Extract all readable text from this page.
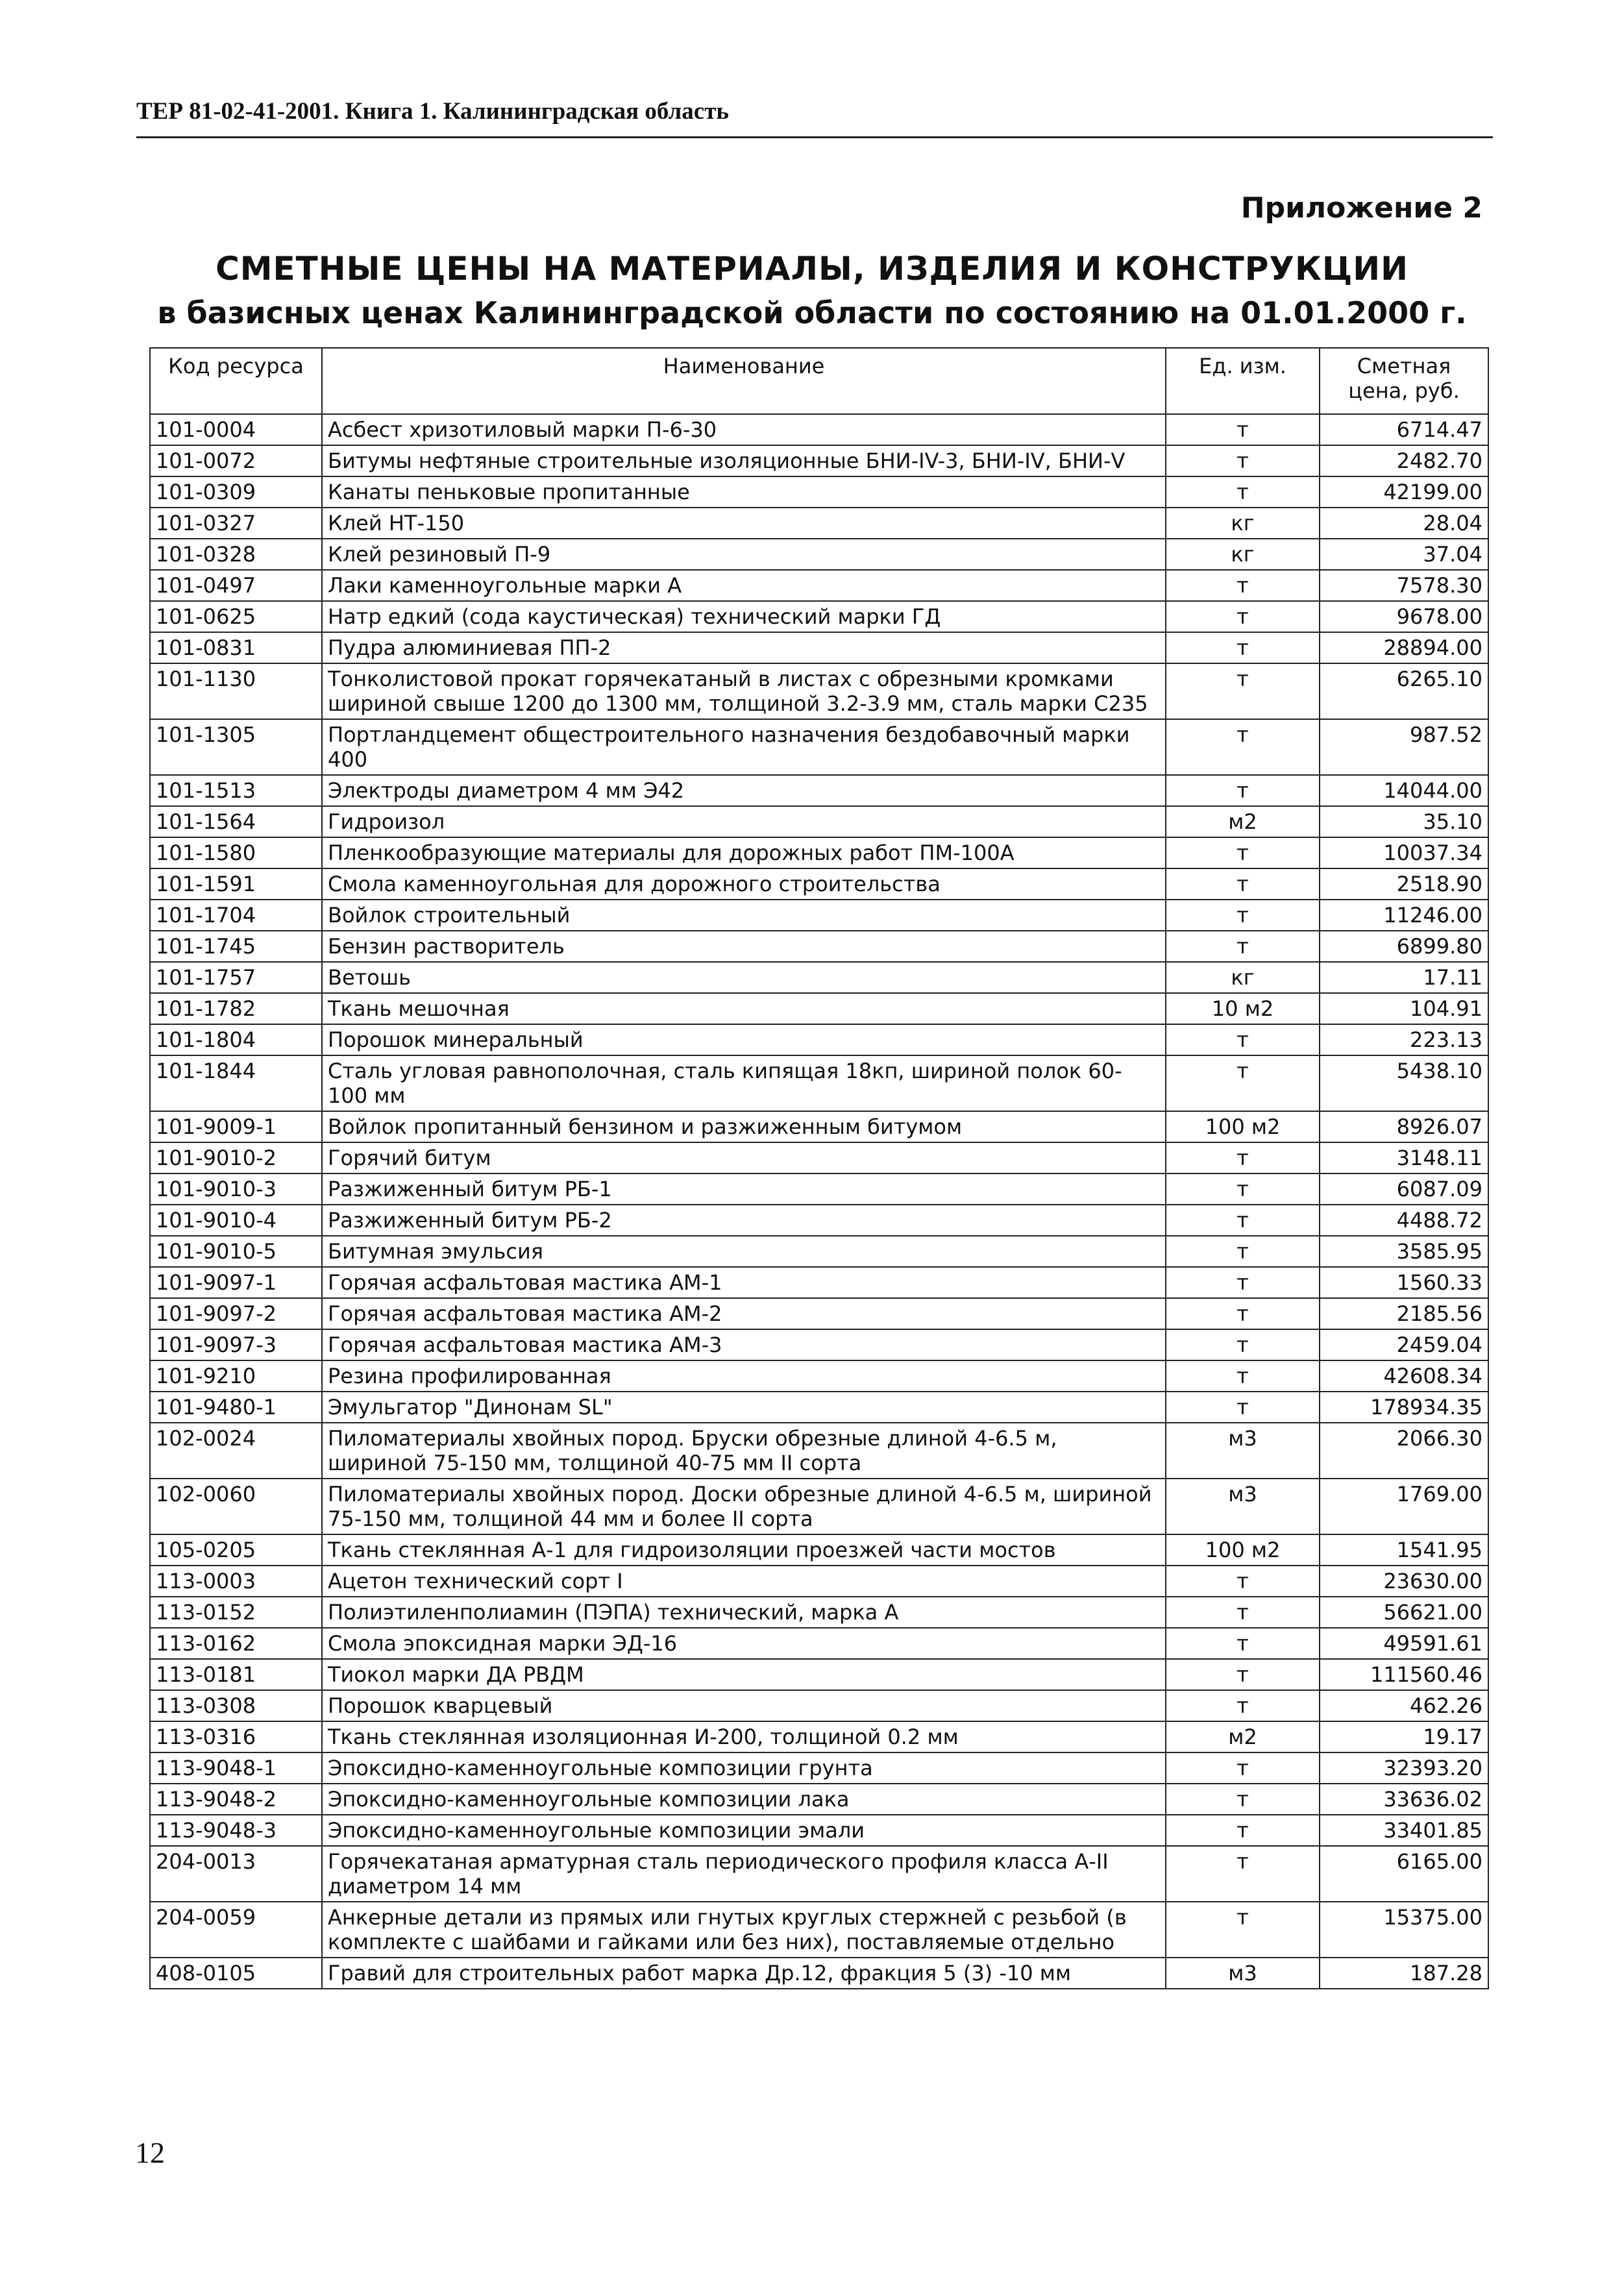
ТЕР 81-02-41-2001. Книга 1. Калининградская область
Приложение 2
СМЕТНЫЕ ЦЕНЫ НА МАТЕРИАЛЫ, ИЗДЕЛИЯ И КОНСТРУКЦИИ
в базисных ценах Калининградской области по состоянию на 01.01.2000 г.
Код ресурса	Наименование	Ед. изм.	Сметная цена, руб.
101-0004	Асбест хризотиловый марки П-6-30	т	6714.47
101-0072	Битумы нефтяные строительные изоляционные БНИ-IV-3, БНИ-IV, БНИ-V	т	2482.70
101-0309	Канаты пеньковые пропитанные	т	42199.00
101-0327	Клей НТ-150	кг	28.04
101-0328	Клей резиновый П-9	кг	37.04
101-0497	Лаки каменноугольные марки А	т	7578.30
101-0625	Натр едкий (сода каустическая) технический марки ГД	т	9678.00
101-0831	Пудра алюминиевая ПП-2	т	28894.00
101-1130	Тонколистовой прокат горячекатаный в листах с обрезными кромками шириной свыше 1200 до 1300 мм, толщиной 3.2-3.9 мм, сталь марки С235	т	6265.10
101-1305	Портландцемент общестроительного назначения бездобавочный марки 400	т	987.52
101-1513	Электроды диаметром 4 мм Э42	т	14044.00
101-1564	Гидроизол	м2	35.10
101-1580	Пленкообразующие материалы для дорожных работ ПМ-100А	т	10037.34
101-1591	Смола каменноугольная для дорожного строительства	т	2518.90
101-1704	Войлок строительный	т	11246.00
101-1745	Бензин растворитель	т	6899.80
101-1757	Ветошь	кг	17.11
101-1782	Ткань мешочная	10 м2	104.91
101-1804	Порошок минеральный	т	223.13
101-1844	Сталь угловая равнополочная, сталь кипящая 18кп, шириной полок 60-100 мм	т	5438.10
101-9009-1	Войлок пропитанный бензином и разжиженным битумом	100 м2	8926.07
101-9010-2	Горячий битум	т	3148.11
101-9010-3	Разжиженный битум РБ-1	т	6087.09
101-9010-4	Разжиженный битум РБ-2	т	4488.72
101-9010-5	Битумная эмульсия	т	3585.95
101-9097-1	Горячая асфальтовая мастика АМ-1	т	1560.33
101-9097-2	Горячая асфальтовая мастика АМ-2	т	2185.56
101-9097-3	Горячая асфальтовая мастика АМ-3	т	2459.04
101-9210	Резина профилированная	т	42608.34
101-9480-1	Эмульгатор "Динонам SL"	т	178934.35
102-0024	Пиломатериалы хвойных пород. Бруски обрезные длиной 4-6.5 м, шириной 75-150 мм, толщиной 40-75 мм II сорта	м3	2066.30
102-0060	Пиломатериалы хвойных пород. Доски обрезные длиной 4-6.5 м, шириной 75-150 мм, толщиной 44 мм и более II сорта	м3	1769.00
105-0205	Ткань стеклянная А-1 для гидроизоляции проезжей части мостов	100 м2	1541.95
113-0003	Ацетон технический сорт I	т	23630.00
113-0152	Полиэтиленполиамин (ПЭПА) технический, марка А	т	56621.00
113-0162	Смола эпоксидная марки ЭД-16	т	49591.61
113-0181	Тиокол марки ДА РВДМ	т	111560.46
113-0308	Порошок кварцевый	т	462.26
113-0316	Ткань стеклянная изоляционная И-200, толщиной 0.2 мм	м2	19.17
113-9048-1	Эпоксидно-каменноугольные композиции грунта	т	32393.20
113-9048-2	Эпоксидно-каменноугольные композиции лака	т	33636.02
113-9048-3	Эпоксидно-каменноугольные композиции эмали	т	33401.85
204-0013	Горячекатаная арматурная сталь периодического профиля класса А-II диаметром 14 мм	т	6165.00
204-0059	Анкерные детали из прямых или гнутых круглых стержней с резьбой (в комплекте с шайбами и гайками или без них), поставляемые отдельно	т	15375.00
408-0105	Гравий для строительных работ марка Др.12, фракция 5 (3) -10 мм	м3	187.28
12
